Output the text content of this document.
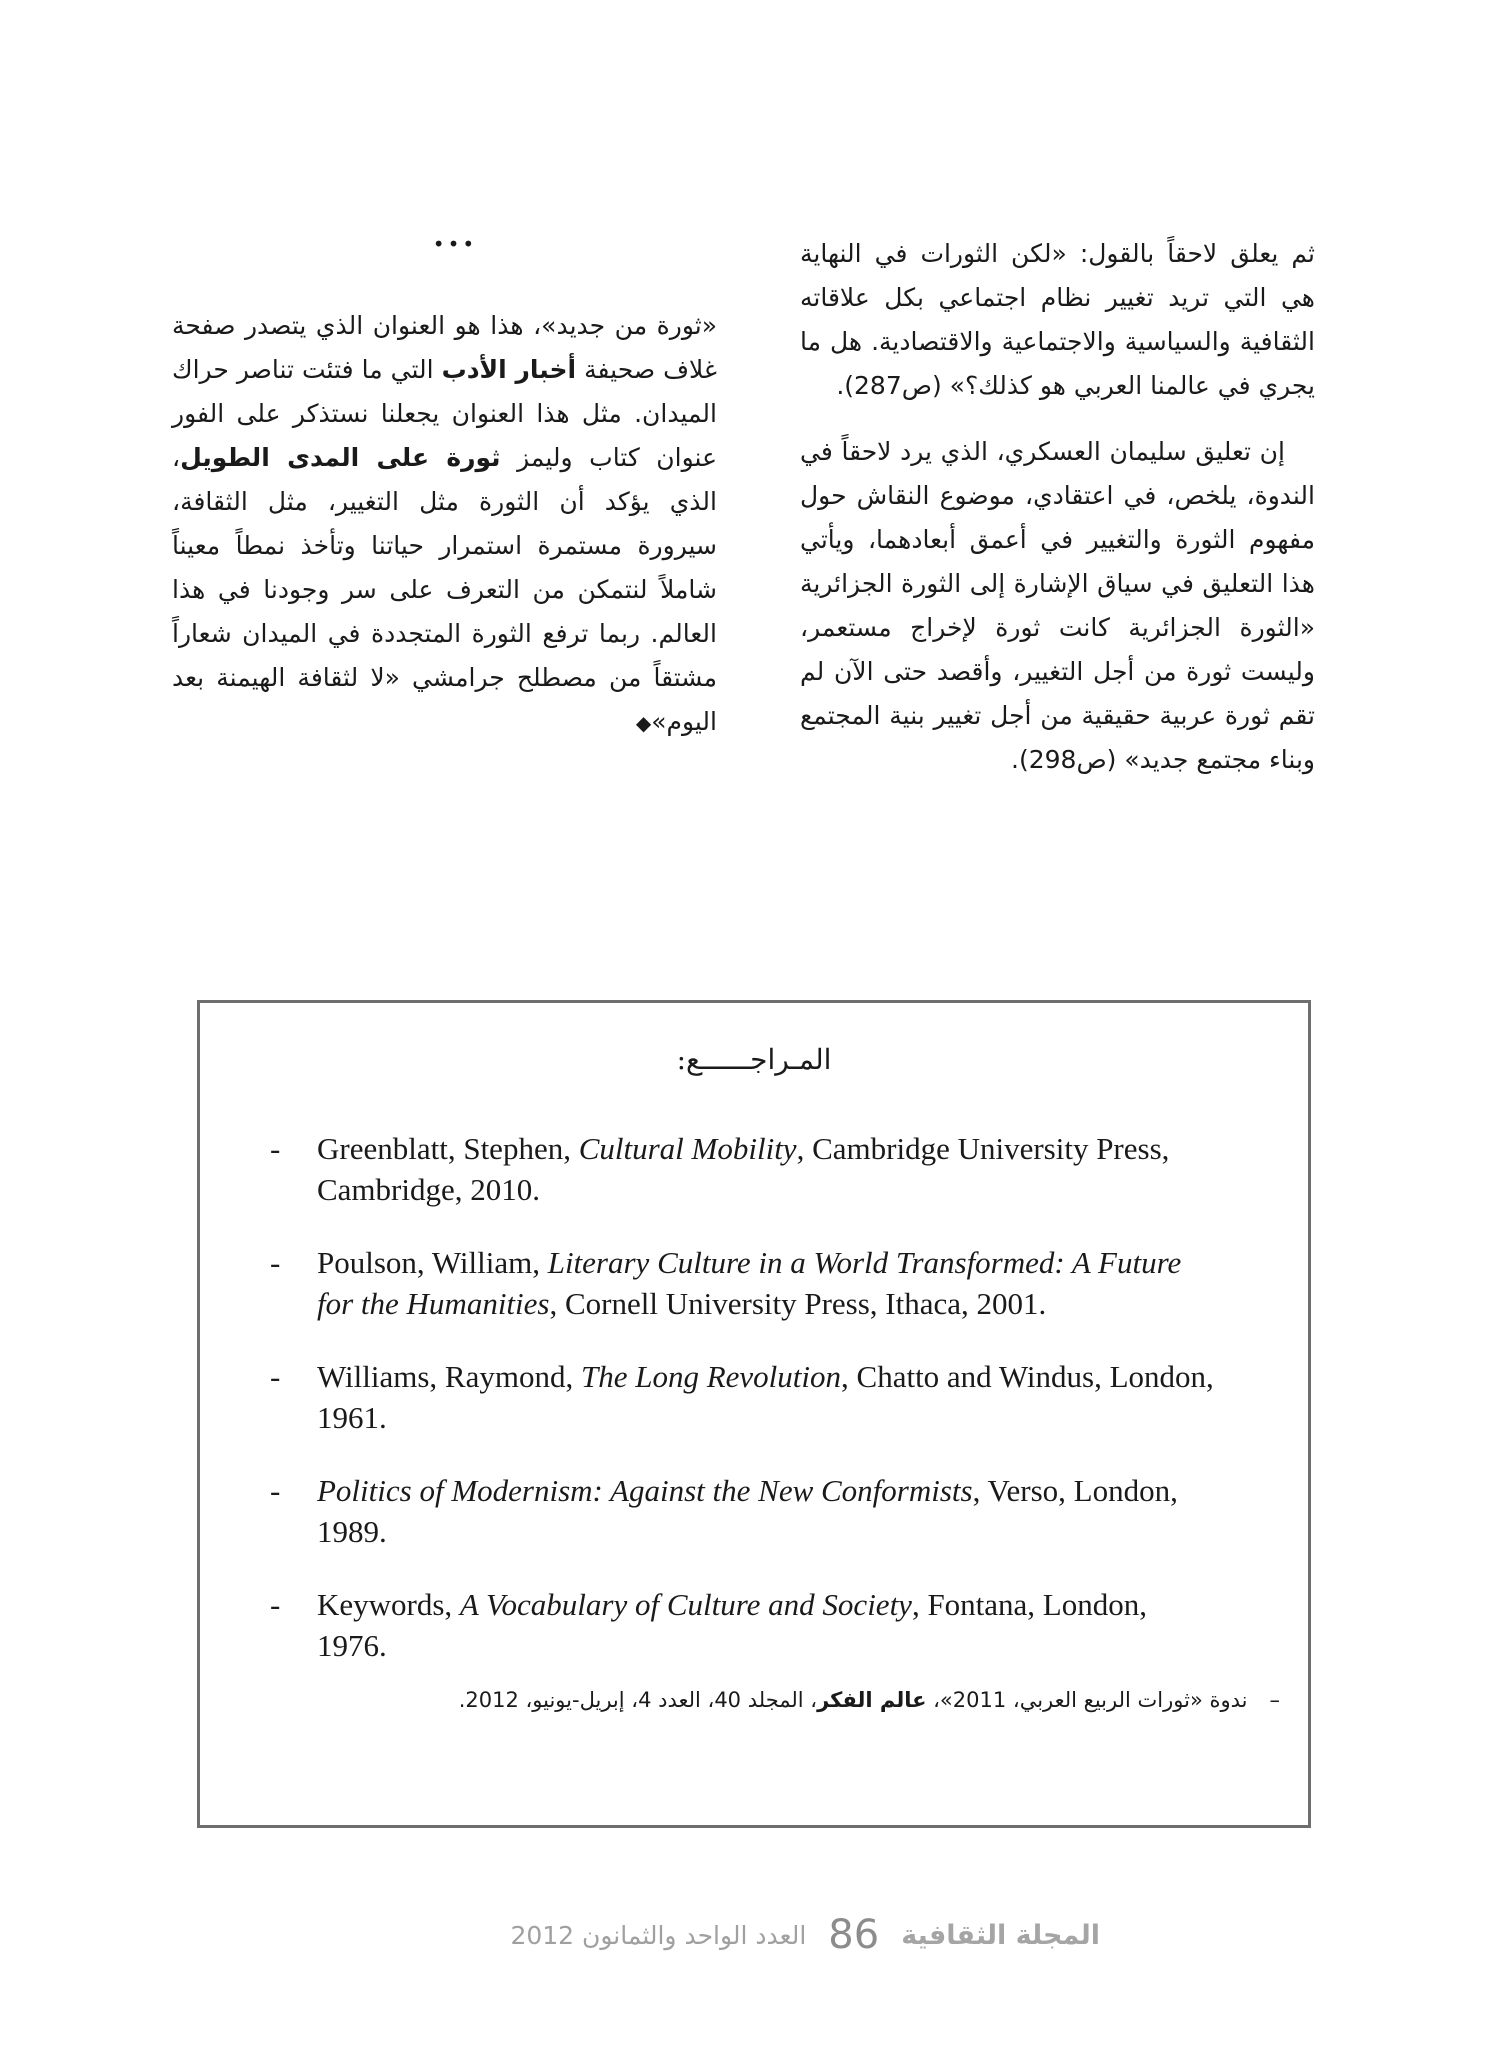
ثم يعلق لاحقاً بالقول: «لكن الثورات في النهاية هي التي تريد تغيير نظام اجتماعي بكل علاقاته الثقافية والسياسية والاجتماعية والاقتصادية. هل ما يجري في عالمنا العربي هو كذلك؟» (ص287).

إن تعليق سليمان العسكري، الذي يرد لاحقاً في الندوة، يلخص، في اعتقادي، موضوع النقاش حول مفهوم الثورة والتغيير في أعمق أبعادهما، ويأتي هذا التعليق في سياق الإشارة إلى الثورة الجزائرية «الثورة الجزائرية كانت ثورة لإخراج مستعمر، وليست ثورة من أجل التغيير، وأقصد حتى الآن لم تقم ثورة عربية حقيقية من أجل تغيير بنية المجتمع وبناء مجتمع جديد» (ص298).

•••

«ثورة من جديد»، هذا هو العنوان الذي يتصدر صفحة غلاف صحيفة أخبار الأدب التي ما فتئت تناصر حراك الميدان. مثل هذا العنوان يجعلنا نستذكر على الفور عنوان كتاب وليمز ثورة على المدى الطويل، الذي يؤكد أن الثورة مثل التغيير، مثل الثقافة، سيرورة مستمرة استمرار حياتنا وتأخذ نمطاً معيناً شاملاً لنتمكن من التعرف على سر وجودنا في هذا العالم. ربما ترفع الثورة المتجددة في الميدان شعاراً مشتقاً من مصطلح جرامشي «لا لثقافة الهيمنة بعد اليوم»◆

المـراجــــــع:
- Greenblatt, Stephen, Cultural Mobility, Cambridge University Press, Cambridge, 2010.
- Poulson, William, Literary Culture in a World Transformed: A Future for the Humanities, Cornell University Press, Ithaca, 2001.
- Williams, Raymond, The Long Revolution, Chatto and Windus, London, 1961.
- Politics of Modernism: Against the New Conformists, Verso, London, 1989.
- Keywords, A Vocabulary of Culture and Society, Fontana, London, 1976.
–ندوة «ثورات الربيع العربي، 2011»، عالم الفكر، المجلد 40، العدد 4، إبريل-يونيو، 2012.
المجلة الثقافية
86
العدد الواحد والثمانون 2012
